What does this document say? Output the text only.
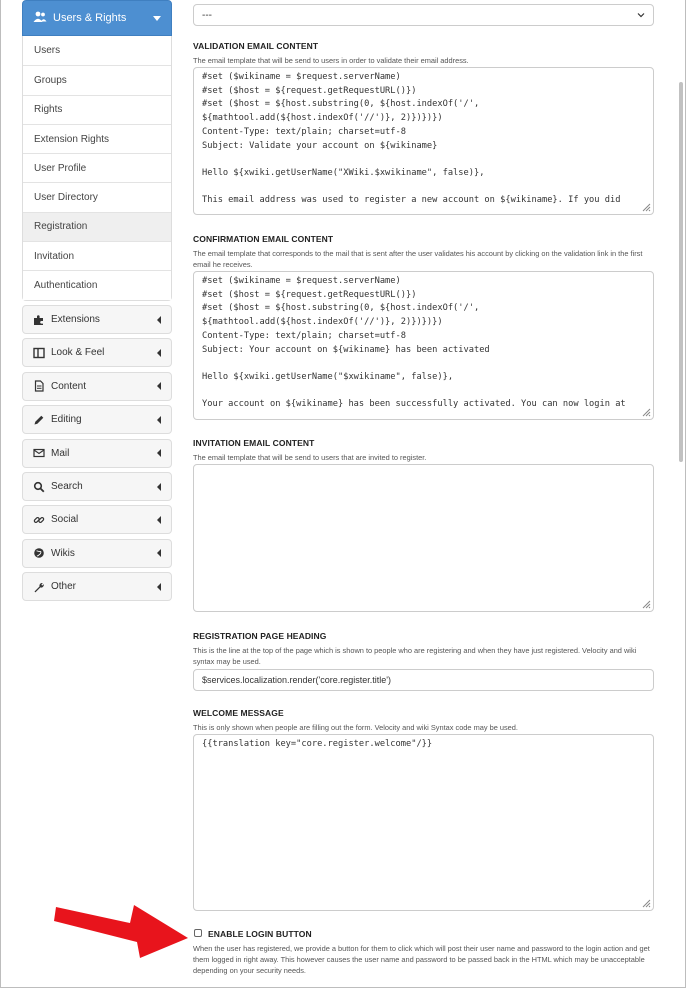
Users & Rights
Users
Groups
Rights
Extension Rights
User Profile
User Directory
Registration
Invitation
Authentication
Extensions
Look & Feel
Content
Editing
Mail
Search
Social
Wikis
Other
---
VALIDATION EMAIL CONTENT
The email template that will be send to users in order to validate their email address.
#set ($wikiname = $request.serverName)
#set ($host = ${request.getRequestURL()})
#set ($host = ${host.substring(0, ${host.indexOf('/',
${mathtool.add(${host.indexOf('//')}, 2)})})})
Content-Type: text/plain; charset=utf-8
Subject: Validate your account on ${wikiname}

Hello ${xwiki.getUserName("XWiki.$xwikiname", false)},

This email address was used to register a new account on ${wikiname}. If you did
CONFIRMATION EMAIL CONTENT
The email template that corresponds to the mail that is sent after the user validates his account by clicking on the validation link in the first email he receives.
#set ($wikiname = $request.serverName)
#set ($host = ${request.getRequestURL()})
#set ($host = ${host.substring(0, ${host.indexOf('/',
${mathtool.add(${host.indexOf('//')}, 2)})})})
Content-Type: text/plain; charset=utf-8
Subject: Your account on ${wikiname} has been activated

Hello ${xwiki.getUserName("$xwikiname", false)},

Your account on ${wikiname} has been successfully activated. You can now login at
INVITATION EMAIL CONTENT
The email template that will be send to users that are invited to register.
REGISTRATION PAGE HEADING
This is the line at the top of the page which is shown to people who are registering and when they have just registered. Velocity and wiki syntax may be used.
$services.localization.render('core.register.title')
WELCOME MESSAGE
This is only shown when people are filling out the form. Velocity and wiki Syntax code may be used.
{{translation key="core.register.welcome"/}}
ENABLE LOGIN BUTTON
When the user has registered, we provide a button for them to click which will post their user name and password to the login action and get them logged in right away. This however causes the user name and password to be passed back in the HTML which may be unacceptable depending on your security needs.
